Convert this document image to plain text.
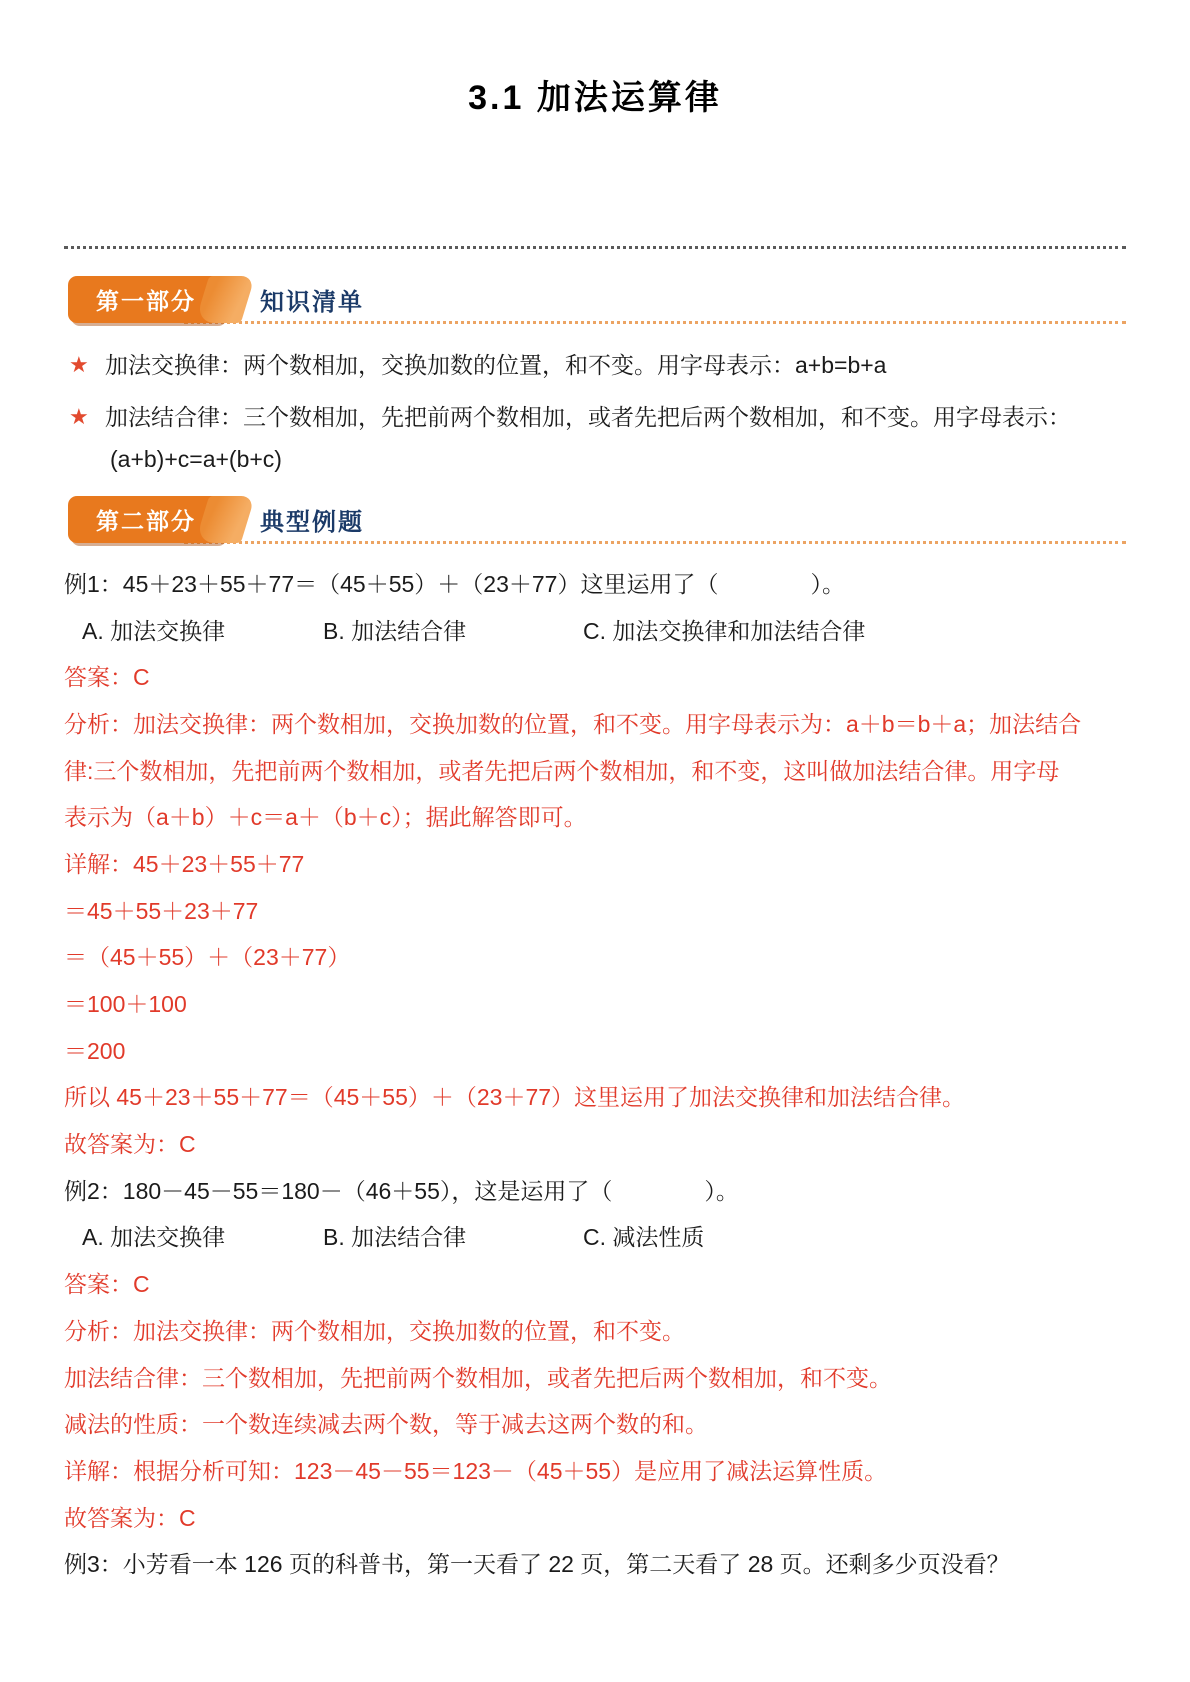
3.1 加法运算律
第一部分	知识清单
★ 加法交换律：两个数相加，交换加数的位置，和不变。用字母表示：a+b=b+a
★ 加法结合律：三个数相加，先把前两个数相加，或者先把后两个数相加，和不变。用字母表示：
(a+b)+c=a+(b+c)
第二部分	典型例题
例1：45＋23＋55＋77＝（45＋55）＋（23＋77）这里运用了（　　　　）。
A. 加法交换律	B. 加法结合律	C. 加法交换律和加法结合律
答案：C
分析：加法交换律：两个数相加，交换加数的位置，和不变。用字母表示为：a＋b＝b＋a；加法结合
律:三个数相加，先把前两个数相加，或者先把后两个数相加，和不变，这叫做加法结合律。用字母
表示为（a＋b）＋c＝a＋（b＋c）；据此解答即可。
详解：45＋23＋55＋77
＝45＋55＋23＋77
＝（45＋55）＋（23＋77）
＝100＋100
＝200
所以 45＋23＋55＋77＝（45＋55）＋（23＋77）这里运用了加法交换律和加法结合律。
故答案为：C
例2：180－45－55＝180－（46＋55），这是运用了（　　　　）。
A. 加法交换律	B. 加法结合律	C. 减法性质
答案：C
分析：加法交换律：两个数相加，交换加数的位置，和不变。
加法结合律：三个数相加，先把前两个数相加，或者先把后两个数相加，和不变。
减法的性质：一个数连续减去两个数，等于减去这两个数的和。
详解：根据分析可知：123－45－55＝123－（45＋55）是应用了减法运算性质。
故答案为：C
例3：小芳看一本 126 页的科普书，第一天看了 22 页，第二天看了 28 页。还剩多少页没看？
